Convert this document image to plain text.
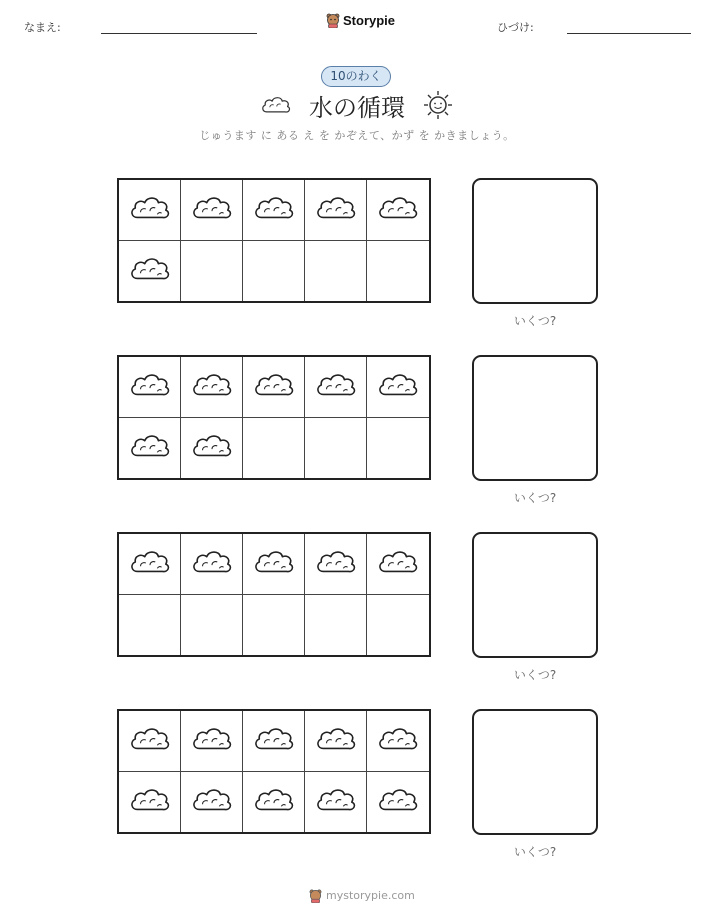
なまえ:	Storypie	ひづけ:
10のわく
水の循環
じゅうます に ある え を かぞえて、かず を かきましょう。
いくつ?
いくつ?
いくつ?
いくつ?
mystorypie.com
